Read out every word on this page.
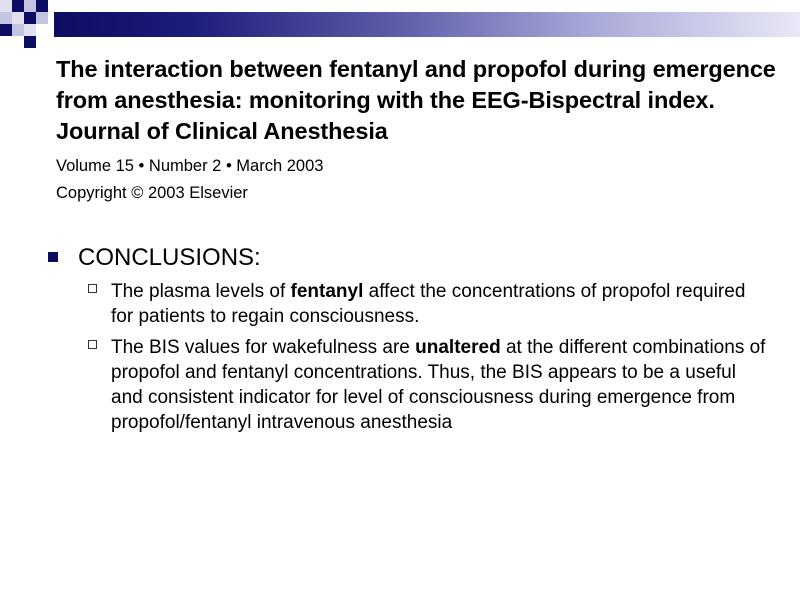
The interaction between fentanyl and propofol during emergence from anesthesia: monitoring with the EEG-Bispectral index. Journal of Clinical Anesthesia

Volume 15 • Number 2 • March 2003
Copyright © 2003 Elsevier

CONCLUSIONS:
The plasma levels of fentanyl affect the concentrations of propofol required for patients to regain consciousness.
The BIS values for wakefulness are unaltered at the different combinations of propofol and fentanyl concentrations. Thus, the BIS appears to be a useful and consistent indicator for level of consciousness during emergence from propofol/fentanyl intravenous anesthesia
